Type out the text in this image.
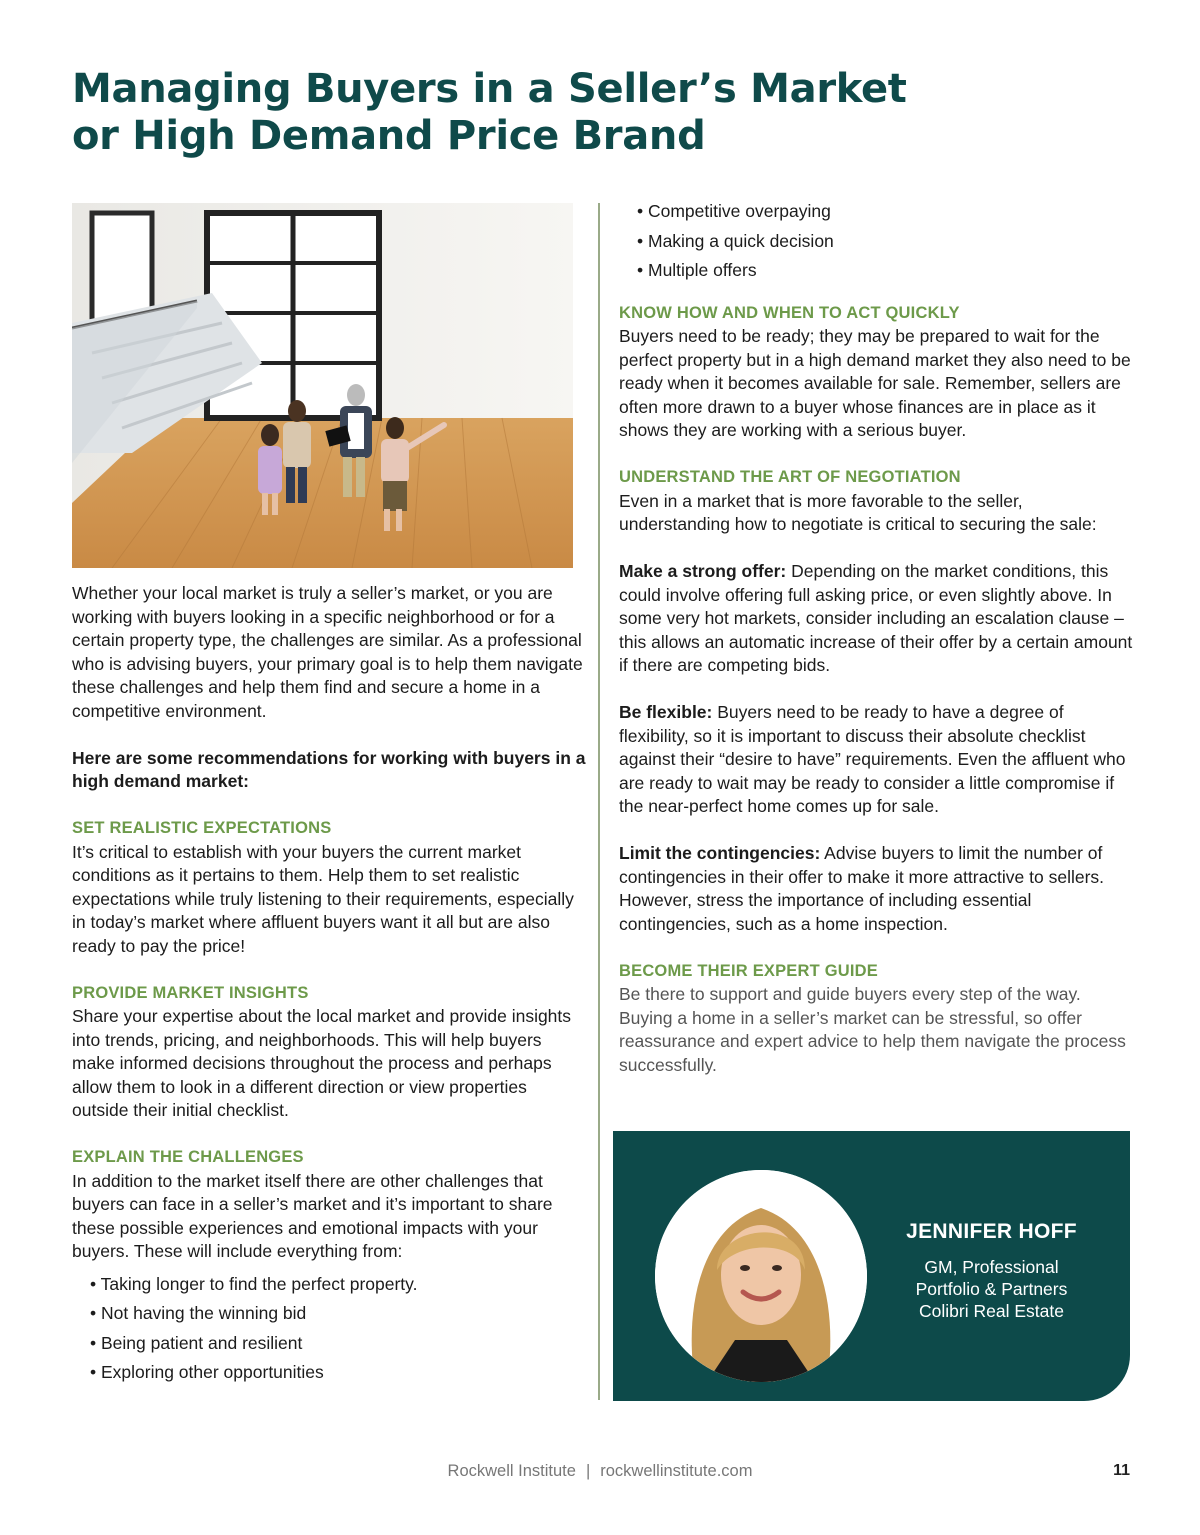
Managing Buyers in a Seller’s Market
or High Demand Price Brand

Whether your local market is truly a seller’s market, or you are working with buyers looking in a specific neighborhood or for a certain property type, the challenges are similar. As a professional who is advising buyers, your primary goal is to help them navigate these challenges and help them find and secure a home in a competitive environment.

Here are some recommendations for working with buyers in a high demand market:

SET REALISTIC EXPECTATIONS

It’s critical to establish with your buyers the current market conditions as it pertains to them. Help them to set realistic expectations while truly listening to their requirements, especially in today’s market where affluent buyers want it all but are also ready to pay the price!

PROVIDE MARKET INSIGHTS

Share your expertise about the local market and provide insights into trends, pricing, and neighborhoods. This will help buyers make informed decisions throughout the process and perhaps allow them to look in a different direction or view properties outside their initial checklist.

EXPLAIN THE CHALLENGES

In addition to the market itself there are other challenges that buyers can face in a seller’s market and it’s important to share these possible experiences and emotional impacts with your buyers. These will include everything from:

• Taking longer to find the perfect property.
• Not having the winning bid
• Being patient and resilient
• Exploring other opportunities
• Competitive overpaying
• Making a quick decision
• Multiple offers

KNOW HOW AND WHEN TO ACT QUICKLY

Buyers need to be ready; they may be prepared to wait for the perfect property but in a high demand market they also need to be ready when it becomes available for sale. Remember, sellers are often more drawn to a buyer whose finances are in place as it shows they are working with a serious buyer.

UNDERSTAND THE ART OF NEGOTIATION

Even in a market that is more favorable to the seller, understanding how to negotiate is critical to securing the sale:

Make a strong offer: Depending on the market conditions, this could involve offering full asking price, or even slightly above. In some very hot markets, consider including an escalation clause – this allows an automatic increase of their offer by a certain amount if there are competing bids.

Be flexible: Buyers need to be ready to have a degree of flexibility, so it is important to discuss their absolute checklist against their “desire to have” requirements. Even the affluent who are ready to wait may be ready to consider a little compromise if the near-perfect home comes up for sale.

Limit the contingencies: Advise buyers to limit the number of contingencies in their offer to make it more attractive to sellers. However, stress the importance of including essential contingencies, such as a home inspection.

BECOME THEIR EXPERT GUIDE

Be there to support and guide buyers every step of the way. Buying a home in a seller’s market can be stressful, so offer reassurance and expert advice to help them navigate the process successfully.

JENNIFER HOFF
GM, Professional
Portfolio & Partners
Colibri Real Estate
Rockwell Institute | rockwellinstitute.com	11
